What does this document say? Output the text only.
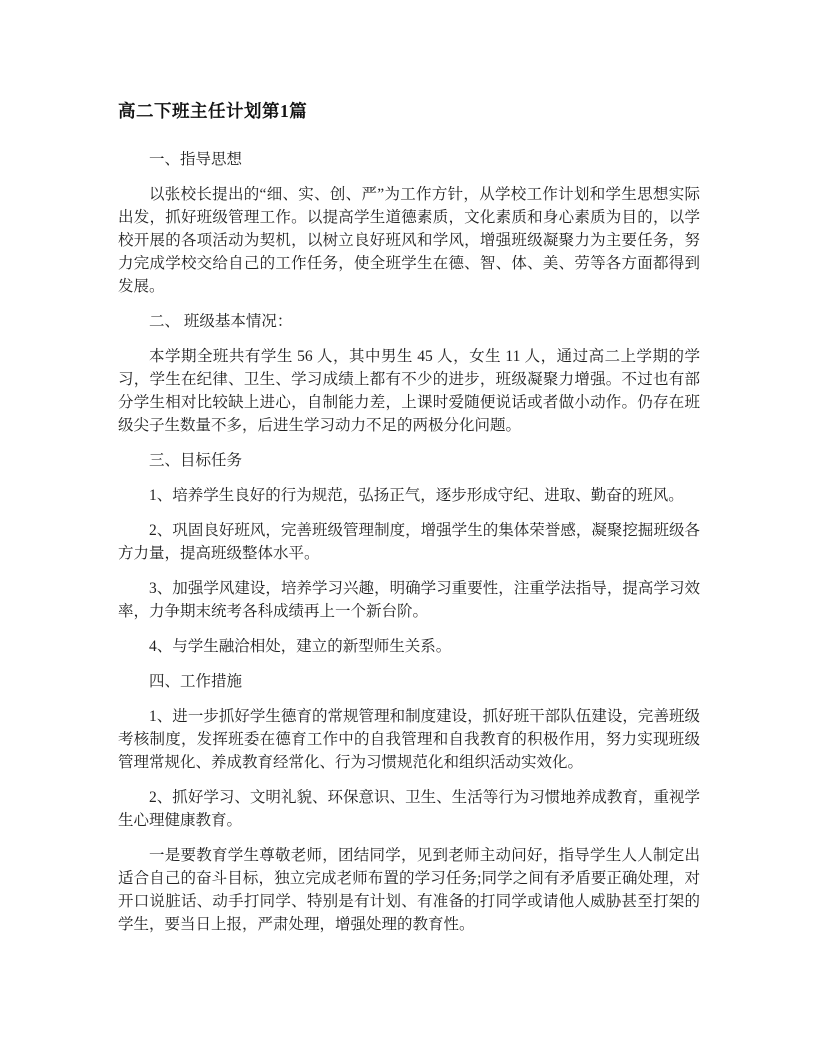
高二下班主任计划第1篇

一、指导思想

以张校长提出的“细、实、创、严”为工作方针，从学校工作计划和学生思想实际出发，抓好班级管理工作。以提高学生道德素质，文化素质和身心素质为目的，以学校开展的各项活动为契机，以树立良好班风和学风，增强班级凝聚力为主要任务，努力完成学校交给自己的工作任务，使全班学生在德、智、体、美、劳等各方面都得到发展。

二、 班级基本情况：

本学期全班共有学生 56 人，其中男生 45 人，女生 11 人，通过高二上学期的学习，学生在纪律、卫生、学习成绩上都有不少的进步，班级凝聚力增强。不过也有部分学生相对比较缺上进心，自制能力差，上课时爱随便说话或者做小动作。仍存在班级尖子生数量不多，后进生学习动力不足的两极分化问题。

三、目标任务

1、培养学生良好的行为规范，弘扬正气，逐步形成守纪、进取、勤奋的班风。

2、巩固良好班风，完善班级管理制度，增强学生的集体荣誉感，凝聚挖掘班级各方力量，提高班级整体水平。

3、加强学风建设，培养学习兴趣，明确学习重要性，注重学法指导，提高学习效率，力争期末统考各科成绩再上一个新台阶。

4、与学生融洽相处，建立的新型师生关系。

四、工作措施

1、进一步抓好学生德育的常规管理和制度建设，抓好班干部队伍建设，完善班级考核制度，发挥班委在德育工作中的自我管理和自我教育的积极作用，努力实现班级管理常规化、养成教育经常化、行为习惯规范化和组织活动实效化。

2、抓好学习、文明礼貌、环保意识、卫生、生活等行为习惯地养成教育，重视学生心理健康教育。

一是要教育学生尊敬老师，团结同学，见到老师主动问好，指导学生人人制定出适合自己的奋斗目标，独立完成老师布置的学习任务;同学之间有矛盾要正确处理，对开口说脏话、动手打同学、特别是有计划、有准备的打同学或请他人威胁甚至打架的学生，要当日上报，严肃处理，增强处理的教育性。
